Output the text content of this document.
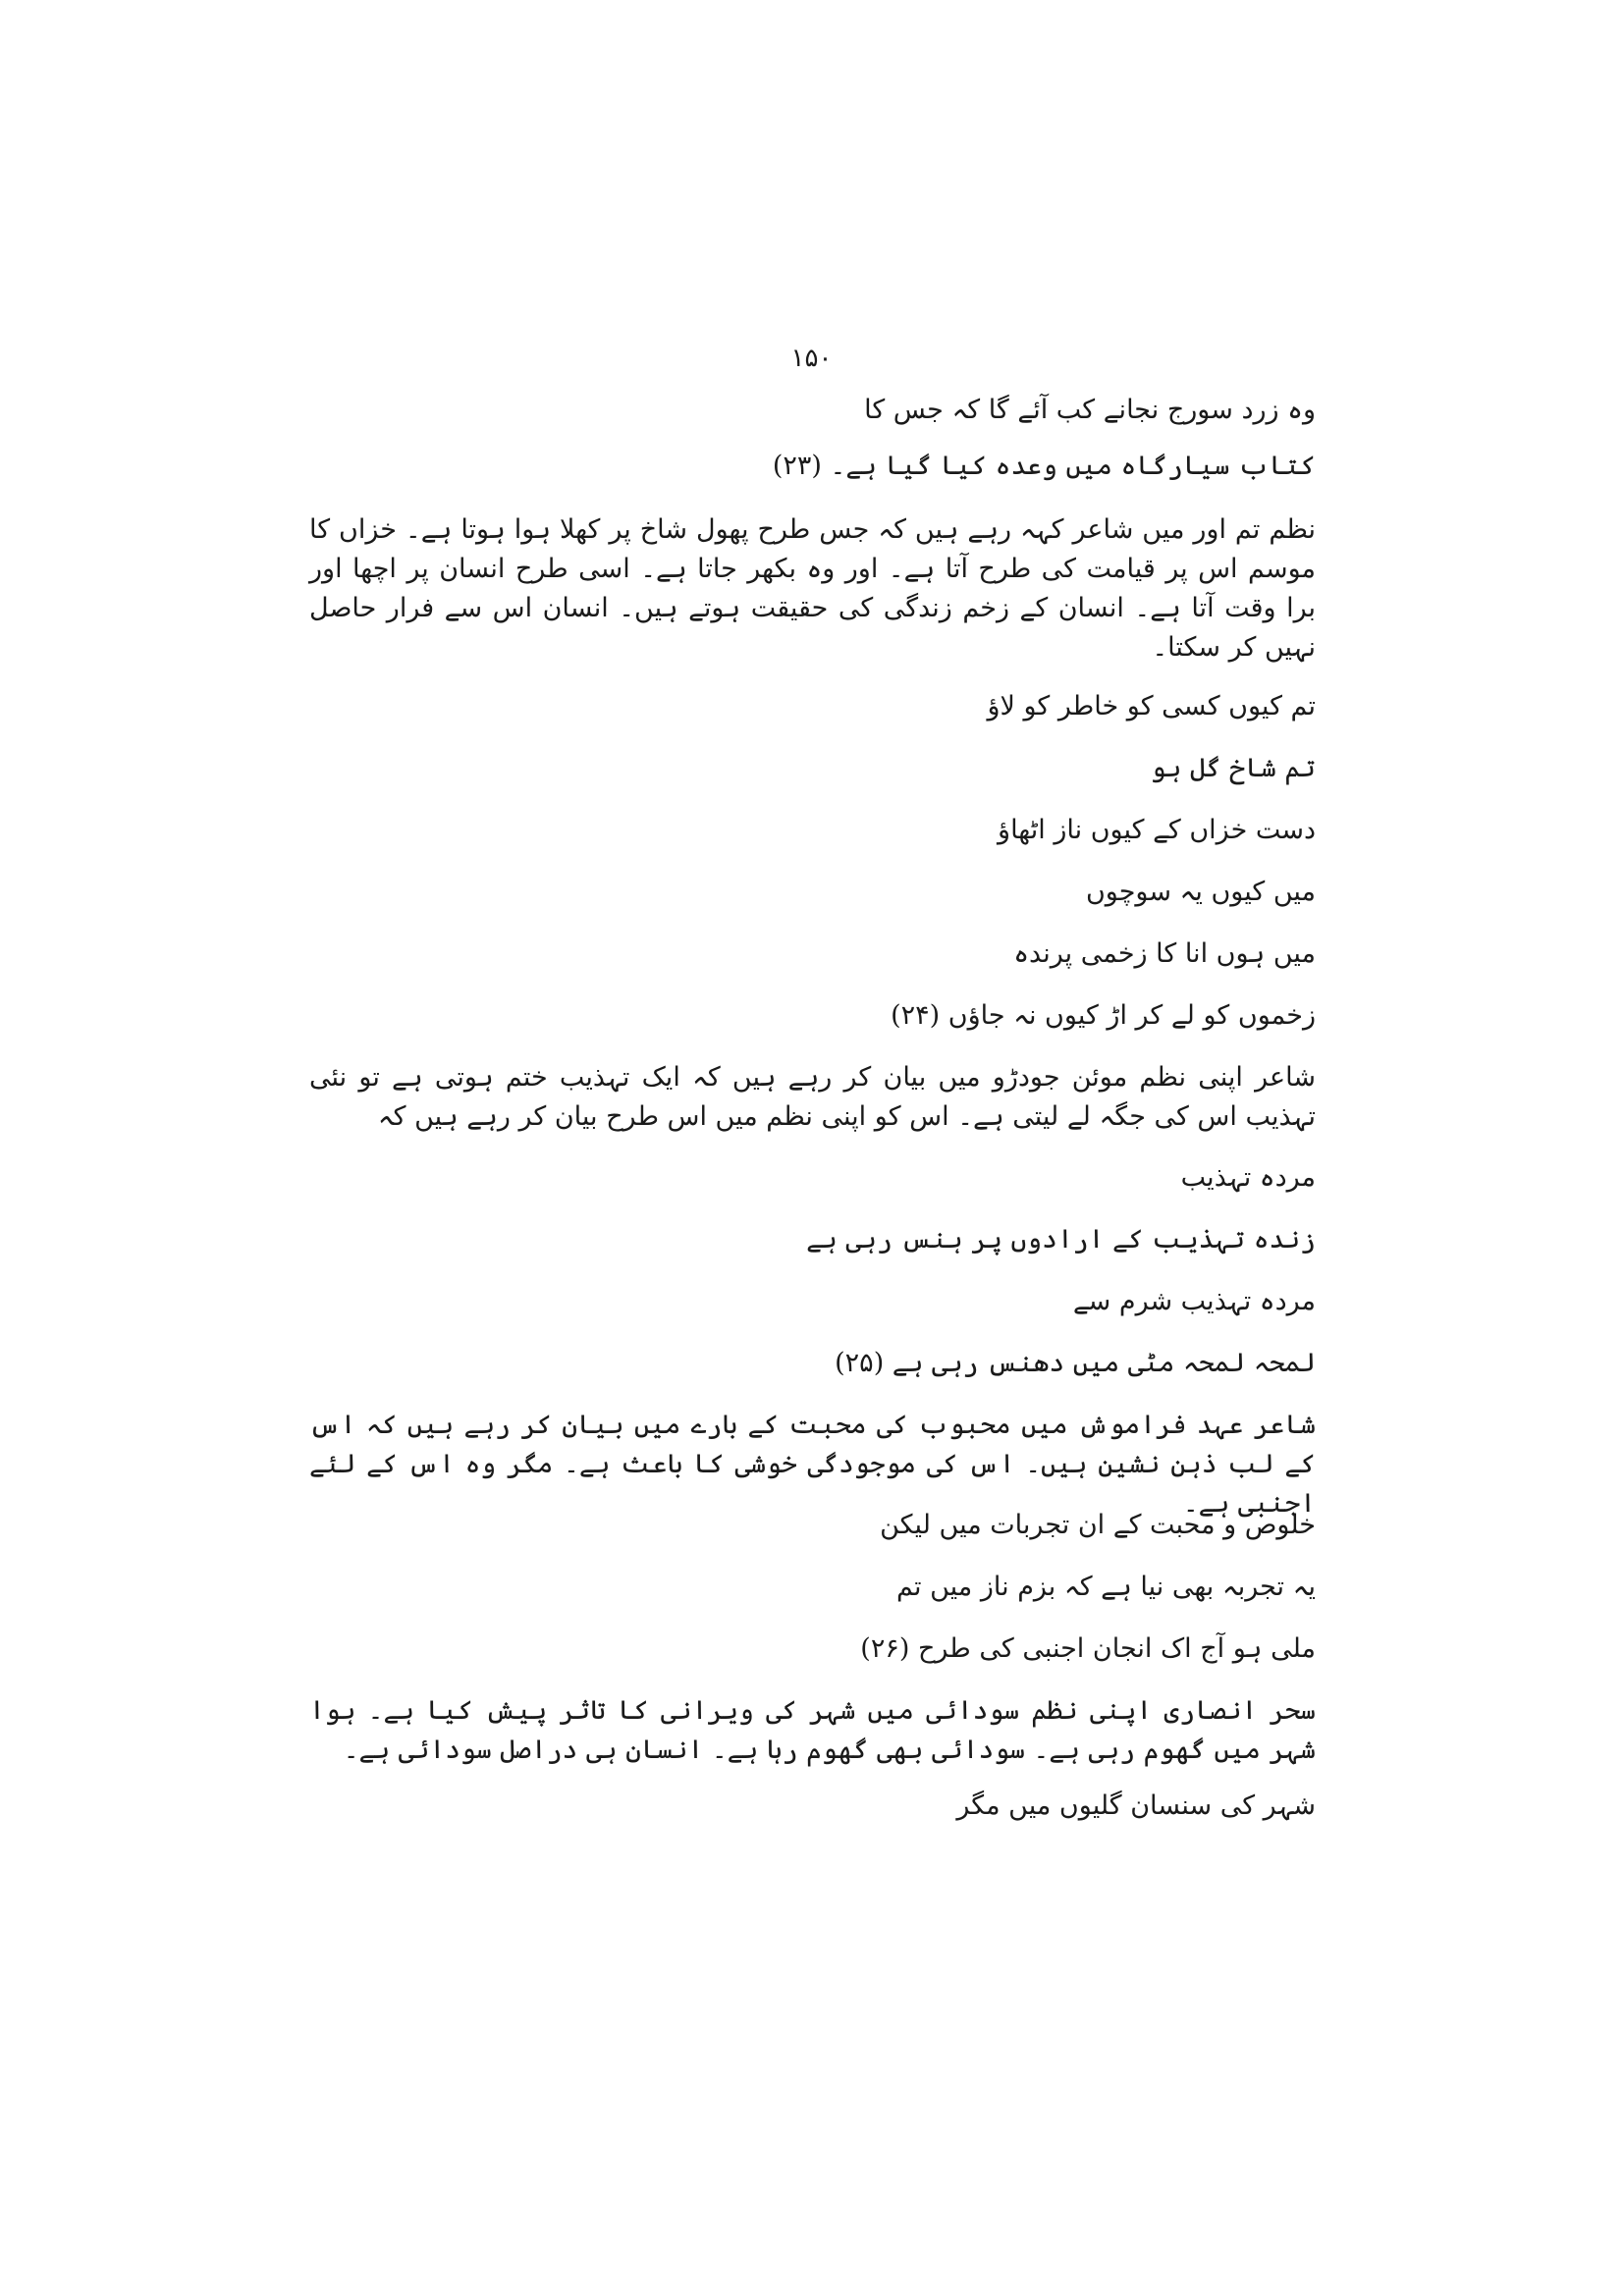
۱۵۰
وہ زرد سورج نجانے کب آئے گا کہ جس کا
کتاب سیارگاہ میں وعدہ کیا گیا ہے۔ (۲۳)
نظم تم اور میں شاعر کہہ رہے ہیں کہ جس طرح پھول شاخ پر کھلا ہوا ہوتا ہے۔ خزاں کا موسم اس پر قیامت کی طرح آتا ہے۔ اور وہ بکھر جاتا ہے۔ اسی طرح انسان پر اچھا اور برا وقت آتا ہے۔ انسان کے زخم زندگی کی حقیقت ہوتے ہیں۔ انسان اس سے فرار حاصل نہیں کر سکتا۔
تم کیوں کسی کو خاطر کو لاؤ
تم شاخ گل ہو
دست خزاں کے کیوں ناز اٹھاؤ
میں کیوں یہ سوچوں
میں ہوں انا کا زخمی پرندہ
زخموں کو لے کر اڑ کیوں نہ جاؤں (۲۴)
شاعر اپنی نظم موئن جودڑو میں بیان کر رہے ہیں کہ ایک تہذیب ختم ہوتی ہے تو نئی تہذیب اس کی جگہ لے لیتی ہے۔ اس کو اپنی نظم میں اس طرح بیان کر رہے ہیں کہ
مردہ تہذیب
زندہ تہذیب کے ارادوں پر ہنس رہی ہے
مردہ تہذیب شرم سے
لمحہ لمحہ مٹی میں دھنس رہی ہے (۲۵)
شاعر عہد فراموش میں محبوب کی محبت کے بارے میں بیان کر رہے ہیں کہ اس کے لب ذہن نشین ہیں۔ اس کی موجودگی خوشی کا باعث ہے۔ مگر وہ اس کے لئے اجنبی ہے۔
خلوص و محبت کے ان تجربات میں لیکن
یہ تجربہ بھی نیا ہے کہ بزم ناز میں تم
ملی ہو آج اک انجان اجنبی کی طرح (۲۶)
سحر انصاری اپنی نظم سودائی میں شہر کی ویرانی کا تاثر پیش کیا ہے۔ ہوا شہر میں گھوم رہی ہے۔ سودائی بھی گھوم رہا ہے۔ انسان ہی دراصل سودائی ہے۔
شہر کی سنسان گلیوں میں مگر
